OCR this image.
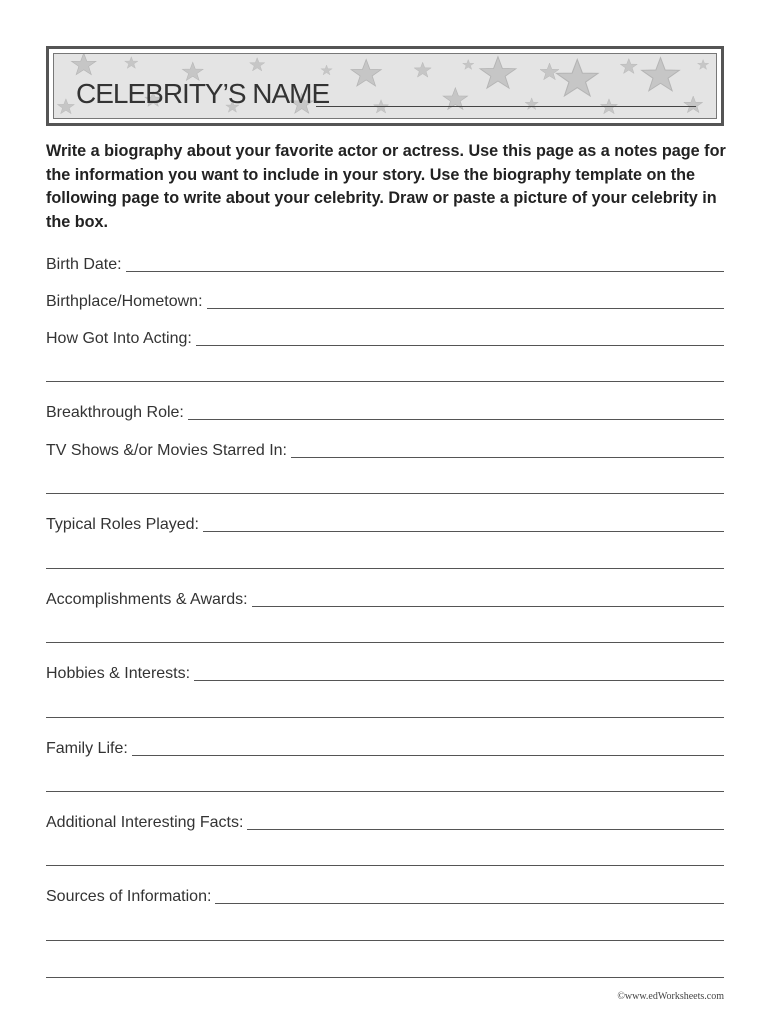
CELEBRITY’S NAME
Write a biography about your favorite actor or actress. Use this page as a notes page for the information you want to include in your story. Use the biography template on the following page to write about your celebrity. Draw or paste a picture of your celebrity in the box.
Birth Date:
Birthplace/Hometown:
How Got Into Acting:
Breakthrough Role:
TV Shows &/or Movies Starred In:
Typical Roles Played:
Accomplishments & Awards:
Hobbies & Interests:
Family Life:
Additional Interesting Facts:
Sources of Information:
©www.edWorksheets.com
